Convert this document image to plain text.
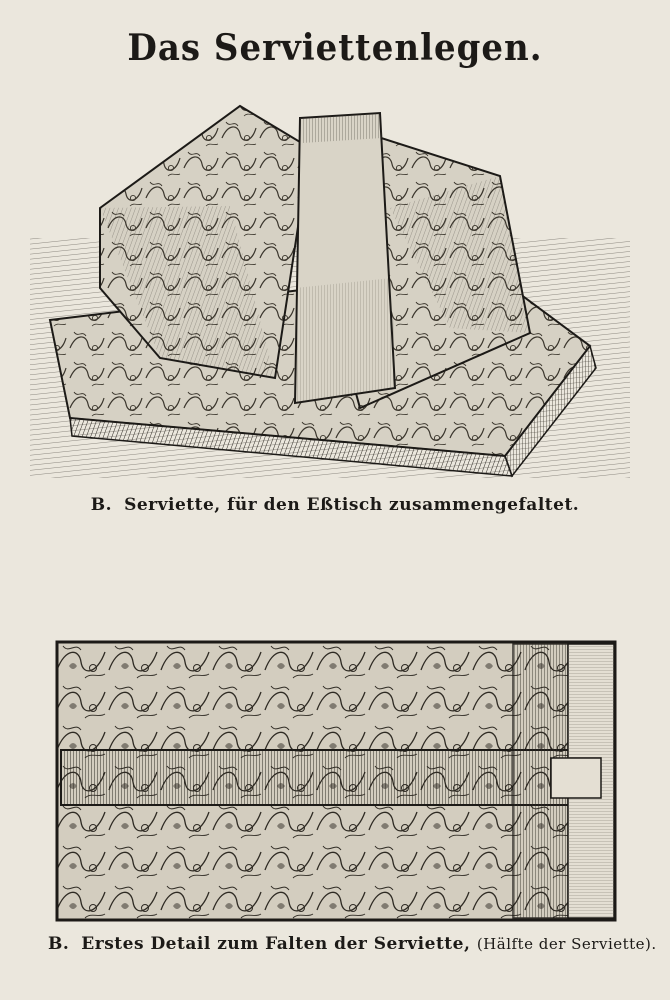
Das Serviettenlegen.
B. Serviette, für den Eßtisch zusammengefaltet.
B. Erstes Detail zum Falten der Serviette, (Hälfte der Serviette).
